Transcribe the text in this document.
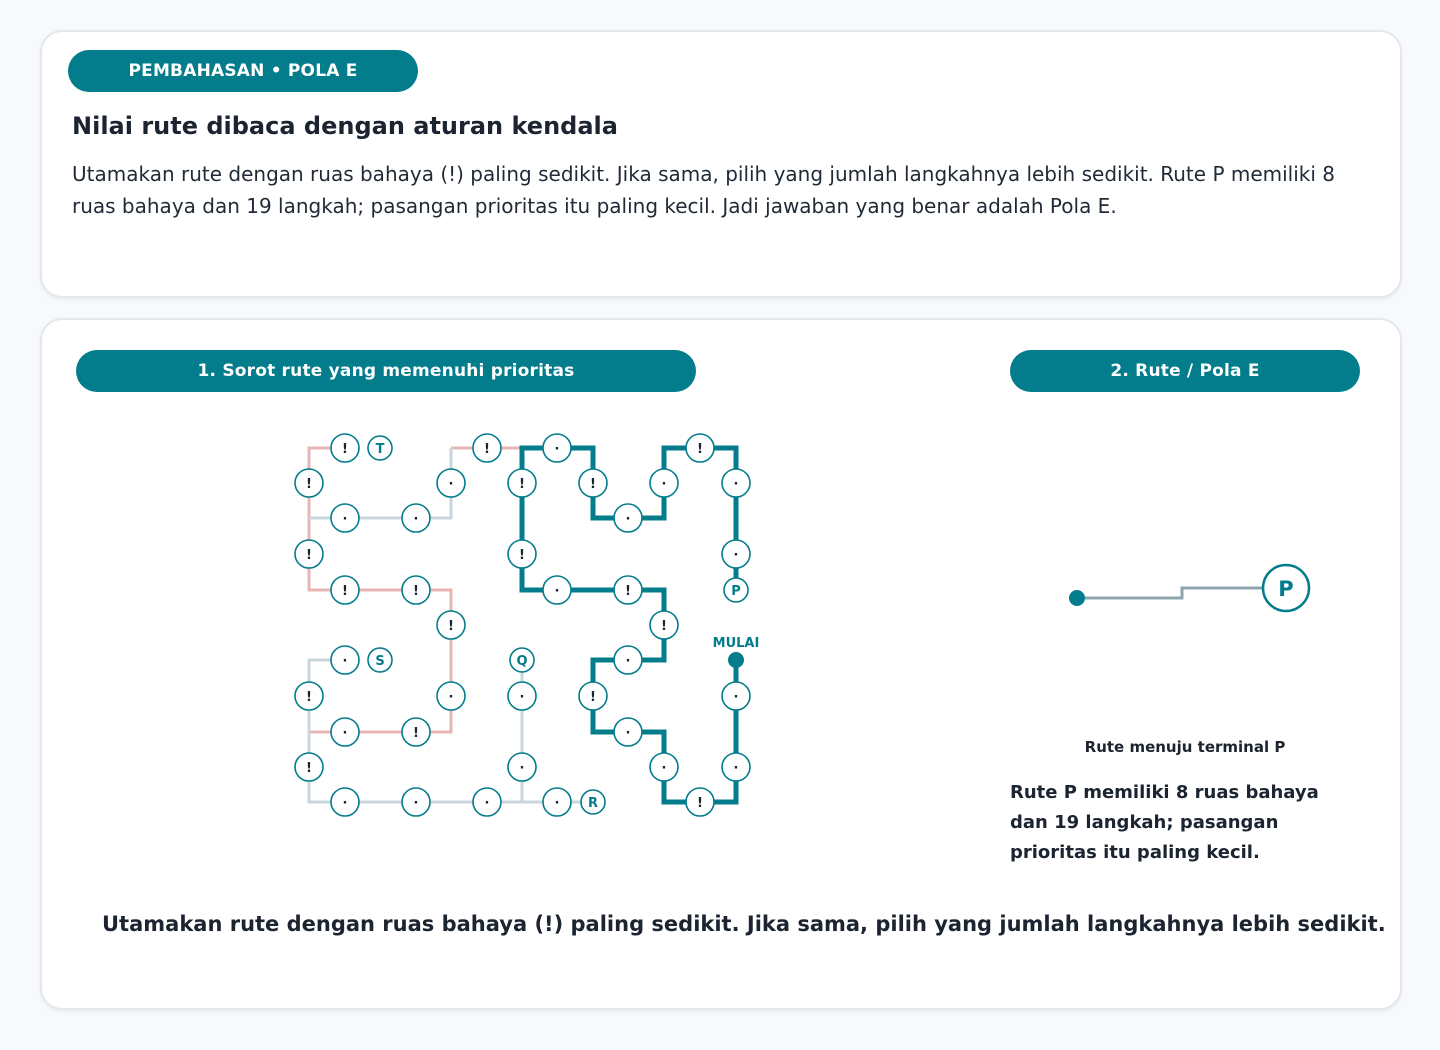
PEMBAHASAN • POLA E
Nilai rute dibaca dengan aturan kendala

Utamakan rute dengan ruas bahaya (!) paling sedikit. Jika sama, pilih yang jumlah langkahnya lebih sedikit. Rute P memiliki 8 ruas bahaya dan 19 langkah; pasangan prioritas itu paling kecil. Jadi jawaban yang benar adalah Pola E.

1. Sorot rute yang memenuhi prioritas	2. Rute / Pola E
! T	!	·	!
!	·	!	!	·	·
·	·	·
!	!	·
!	!	·	!	P
!	!
· S	Q	·
!	·	·	!	·
·	!	·
!	·	·	·
·	·	·	· R	!
MULAI
P
Rute menuju terminal P

Rute P memiliki 8 ruas bahaya dan 19 langkah; pasangan prioritas itu paling kecil.

Utamakan rute dengan ruas bahaya (!) paling sedikit. Jika sama, pilih yang jumlah langkahnya lebih sedikit.
